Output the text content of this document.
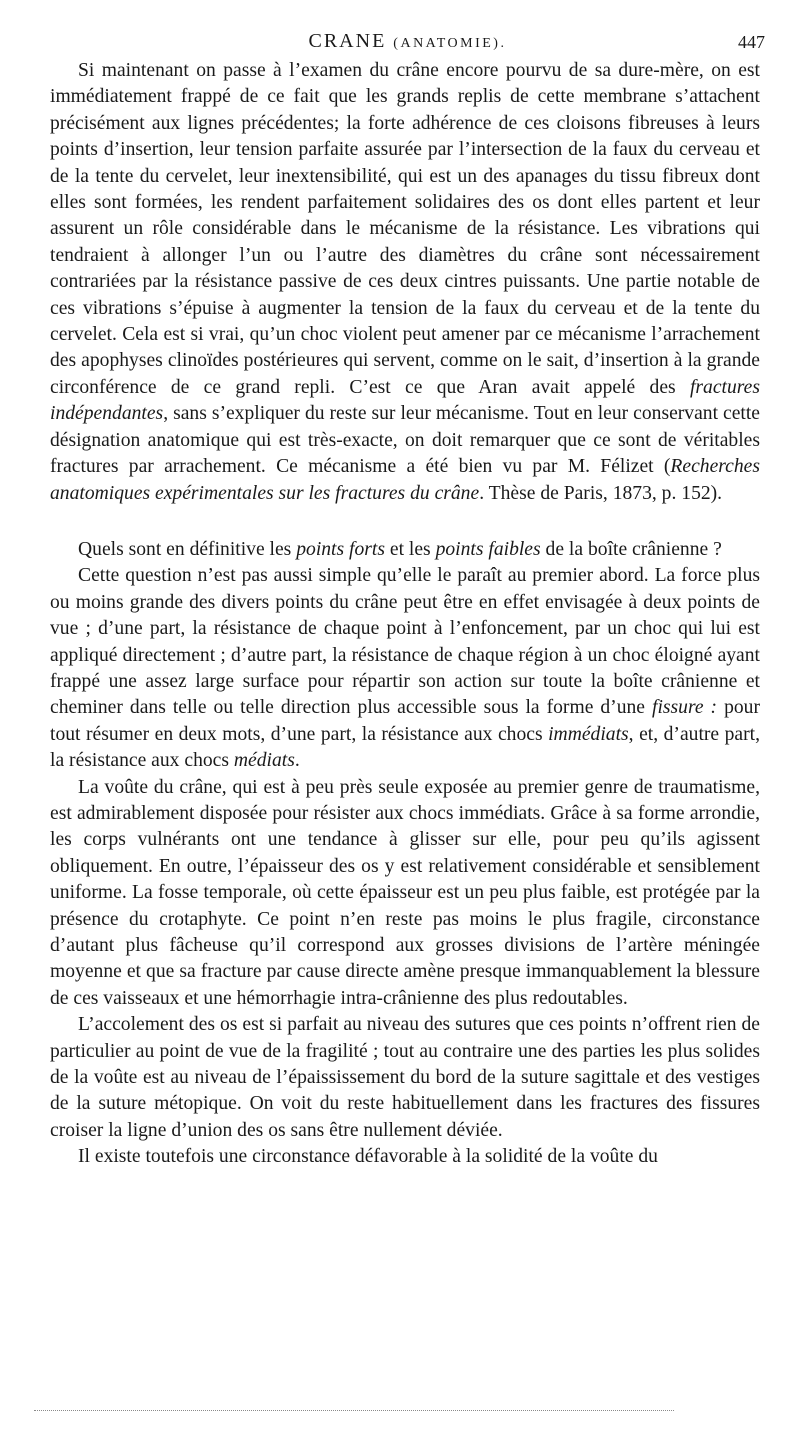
CRANE (ANATOMIE).	447

Si maintenant on passe à l’examen du crâne encore pourvu de sa dure-mère, on est immédiatement frappé de ce fait que les grands replis de cette membrane s’attachent précisément aux lignes précédentes; la forte adhérence de ces cloisons fibreuses à leurs points d’insertion, leur tension parfaite assurée par l’intersection de la faux du cerveau et de la tente du cervelet, leur inextensibilité, qui est un des apanages du tissu fibreux dont elles sont formées, les rendent parfaitement solidaires des os dont elles partent et leur assurent un rôle considérable dans le mécanisme de la résistance. Les vibrations qui tendraient à allonger l’un ou l’autre des diamètres du crâne sont nécessairement contrariées par la résistance passive de ces deux cintres puissants. Une partie notable de ces vibrations s’épuise à augmenter la tension de la faux du cerveau et de la tente du cervelet. Cela est si vrai, qu’un choc violent peut amener par ce mécanisme l’arrachement des apophyses clinoïdes postérieures qui servent, comme on le sait, d’insertion à la grande circonférence de ce grand repli. C’est ce que Aran avait appelé des fractures indépendantes, sans s’expliquer du reste sur leur mécanisme. Tout en leur conservant cette désignation anatomique qui est très-exacte, on doit remarquer que ce sont de véritables fractures par arrachement. Ce mécanisme a été bien vu par M. Félizet (Recherches anatomiques expérimentales sur les fractures du crâne. Thèse de Paris, 1873, p. 152).

Quels sont en définitive les points forts et les points faibles de la boîte crânienne ?

Cette question n’est pas aussi simple qu’elle le paraît au premier abord. La force plus ou moins grande des divers points du crâne peut être en effet envisagée à deux points de vue ; d’une part, la résistance de chaque point à l’enfoncement, par un choc qui lui est appliqué directement ; d’autre part, la résistance de chaque région à un choc éloigné ayant frappé une assez large surface pour répartir son action sur toute la boîte crânienne et cheminer dans telle ou telle direction plus accessible sous la forme d’une fissure : pour tout résumer en deux mots, d’une part, la résistance aux chocs immédiats, et, d’autre part, la résistance aux chocs médiats.

La voûte du crâne, qui est à peu près seule exposée au premier genre de traumatisme, est admirablement disposée pour résister aux chocs immédiats. Grâce à sa forme arrondie, les corps vulnérants ont une tendance à glisser sur elle, pour peu qu’ils agissent obliquement. En outre, l’épaisseur des os y est relativement considérable et sensiblement uniforme. La fosse temporale, où cette épaisseur est un peu plus faible, est protégée par la présence du crotaphyte. Ce point n’en reste pas moins le plus fragile, circonstance d’autant plus fâcheuse qu’il correspond aux grosses divisions de l’artère méningée moyenne et que sa fracture par cause directe amène presque immanquablement la blessure de ces vaisseaux et une hémorrhagie intra-crânienne des plus redoutables.

L’accolement des os est si parfait au niveau des sutures que ces points n’offrent rien de particulier au point de vue de la fragilité ; tout au contraire une des parties les plus solides de la voûte est au niveau de l’épaississement du bord de la suture sagittale et des vestiges de la suture métopique. On voit du reste habituellement dans les fractures des fissures croiser la ligne d’union des os sans être nullement déviée.

Il existe toutefois une circonstance défavorable à la solidité de la voûte du
